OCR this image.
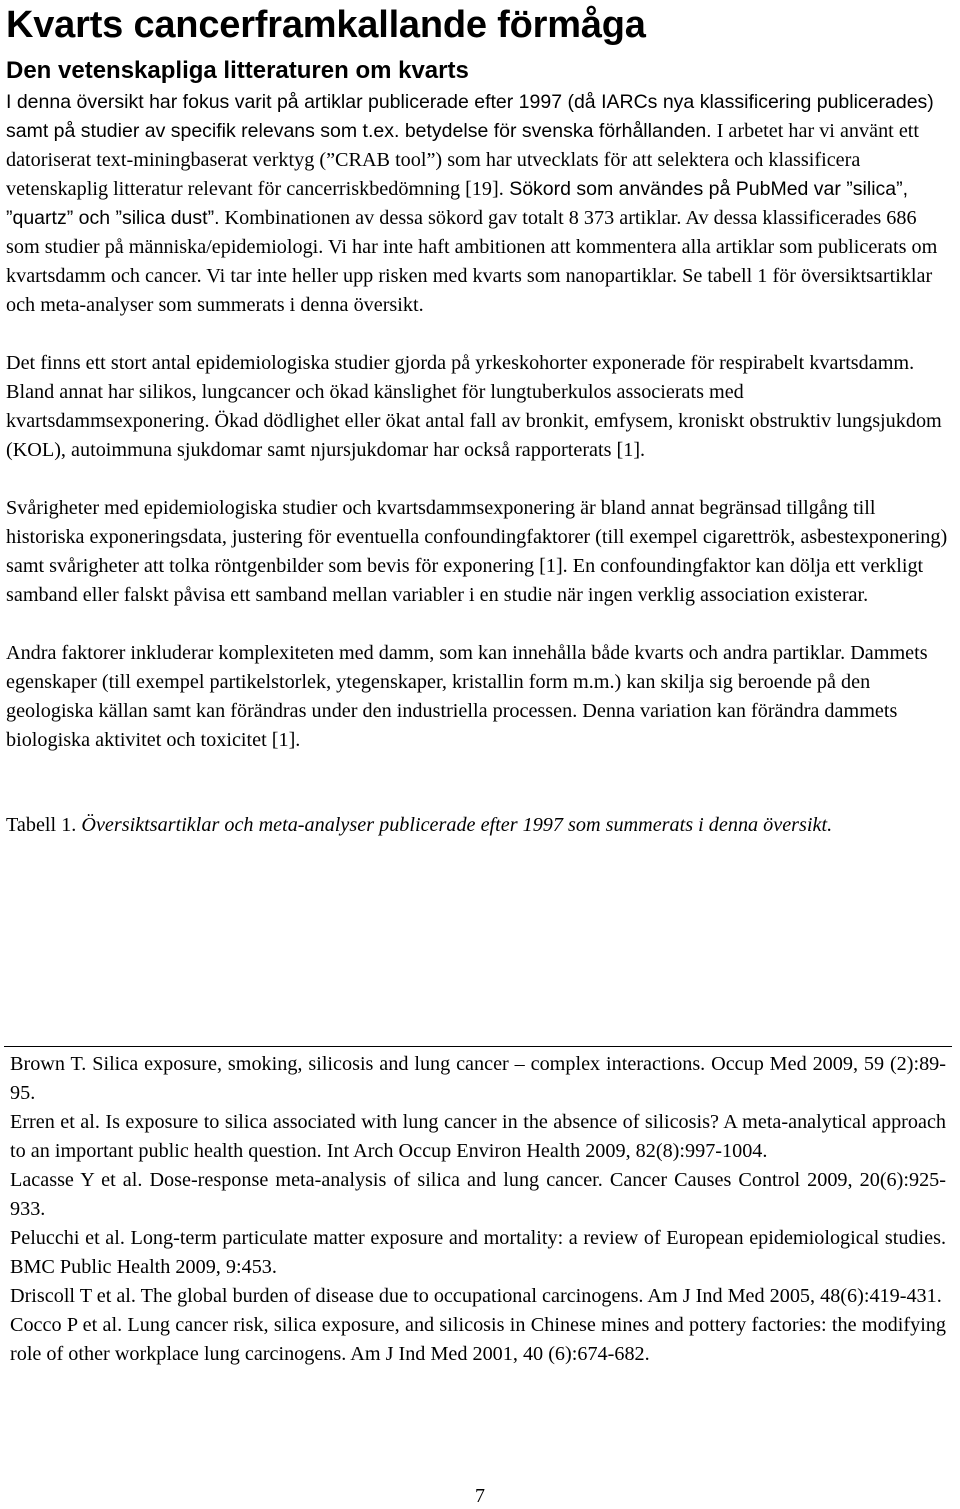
Kvarts cancerframkallande förmåga
Den vetenskapliga litteraturen om kvarts

I denna översikt har fokus varit på artiklar publicerade efter 1997 (då IARCs nya klassificering publicerades) samt på studier av specifik relevans som t.ex. betydelse för svenska förhållanden. I arbetet har vi använt ett datoriserat text-miningbaserat verktyg (”CRAB tool”) som har utvecklats för att selektera och klassificera vetenskaplig litteratur relevant för cancerriskbedömning [19]. Sökord som användes på PubMed var ”silica”, ”quartz” och ”silica dust”. Kombinationen av dessa sökord gav totalt 8 373 artiklar. Av dessa klassificerades 686 som studier på människa/epidemiologi. Vi har inte haft ambitionen att kommentera alla artiklar som publicerats om kvartsdamm och cancer. Vi tar inte heller upp risken med kvarts som nanopartiklar. Se tabell 1 för översiktsartiklar och meta-analyser som summerats i denna översikt.

Det finns ett stort antal epidemiologiska studier gjorda på yrkeskohorter exponerade för respirabelt kvartsdamm. Bland annat har silikos, lungcancer och ökad känslighet för lungtuberkulos associerats med kvartsdammsexponering. Ökad dödlighet eller ökat antal fall av bronkit, emfysem, kroniskt obstruktiv lungsjukdom (KOL), autoimmuna sjukdomar samt njursjukdomar har också rapporterats [1].

Svårigheter med epidemiologiska studier och kvartsdammsexponering är bland annat begränsad tillgång till historiska exponeringsdata, justering för eventuella confoundingfaktorer (till exempel cigarettrök, asbestexponering) samt svårigheter att tolka röntgenbilder som bevis för exponering [1]. En confoundingfaktor kan dölja ett verkligt samband eller falskt påvisa ett samband mellan variabler i en studie när ingen verklig association existerar.

Andra faktorer inkluderar komplexiteten med damm, som kan innehålla både kvarts och andra partiklar. Dammets egenskaper (till exempel partikelstorlek, ytegenskaper, kristallin form m.m.) kan skilja sig beroende på den geologiska källan samt kan förändras under den industriella processen. Denna variation kan förändra dammets biologiska aktivitet och toxicitet [1].

Tabell 1. Översiktsartiklar och meta-analyser publicerade efter 1997 som summerats i denna översikt.

Brown T. Silica exposure, smoking, silicosis and lung cancer – complex interactions. Occup Med 2009, 59 (2):89-95.

Erren et al. Is exposure to silica associated with lung cancer in the absence of silicosis? A meta-analytical approach to an important public health question. Int Arch Occup Environ Health 2009, 82(8):997-1004.

Lacasse Y et al. Dose-response meta-analysis of silica and lung cancer. Cancer Causes Control 2009, 20(6):925-933.

Pelucchi et al. Long-term particulate matter exposure and mortality: a review of European epidemiological studies. BMC Public Health 2009, 9:453.

Driscoll T et al. The global burden of disease due to occupational carcinogens. Am J Ind Med 2005, 48(6):419-431.

Cocco P et al. Lung cancer risk, silica exposure, and silicosis in Chinese mines and pottery factories: the modifying role of other workplace lung carcinogens. Am J Ind Med 2001, 40 (6):674-682.

7
